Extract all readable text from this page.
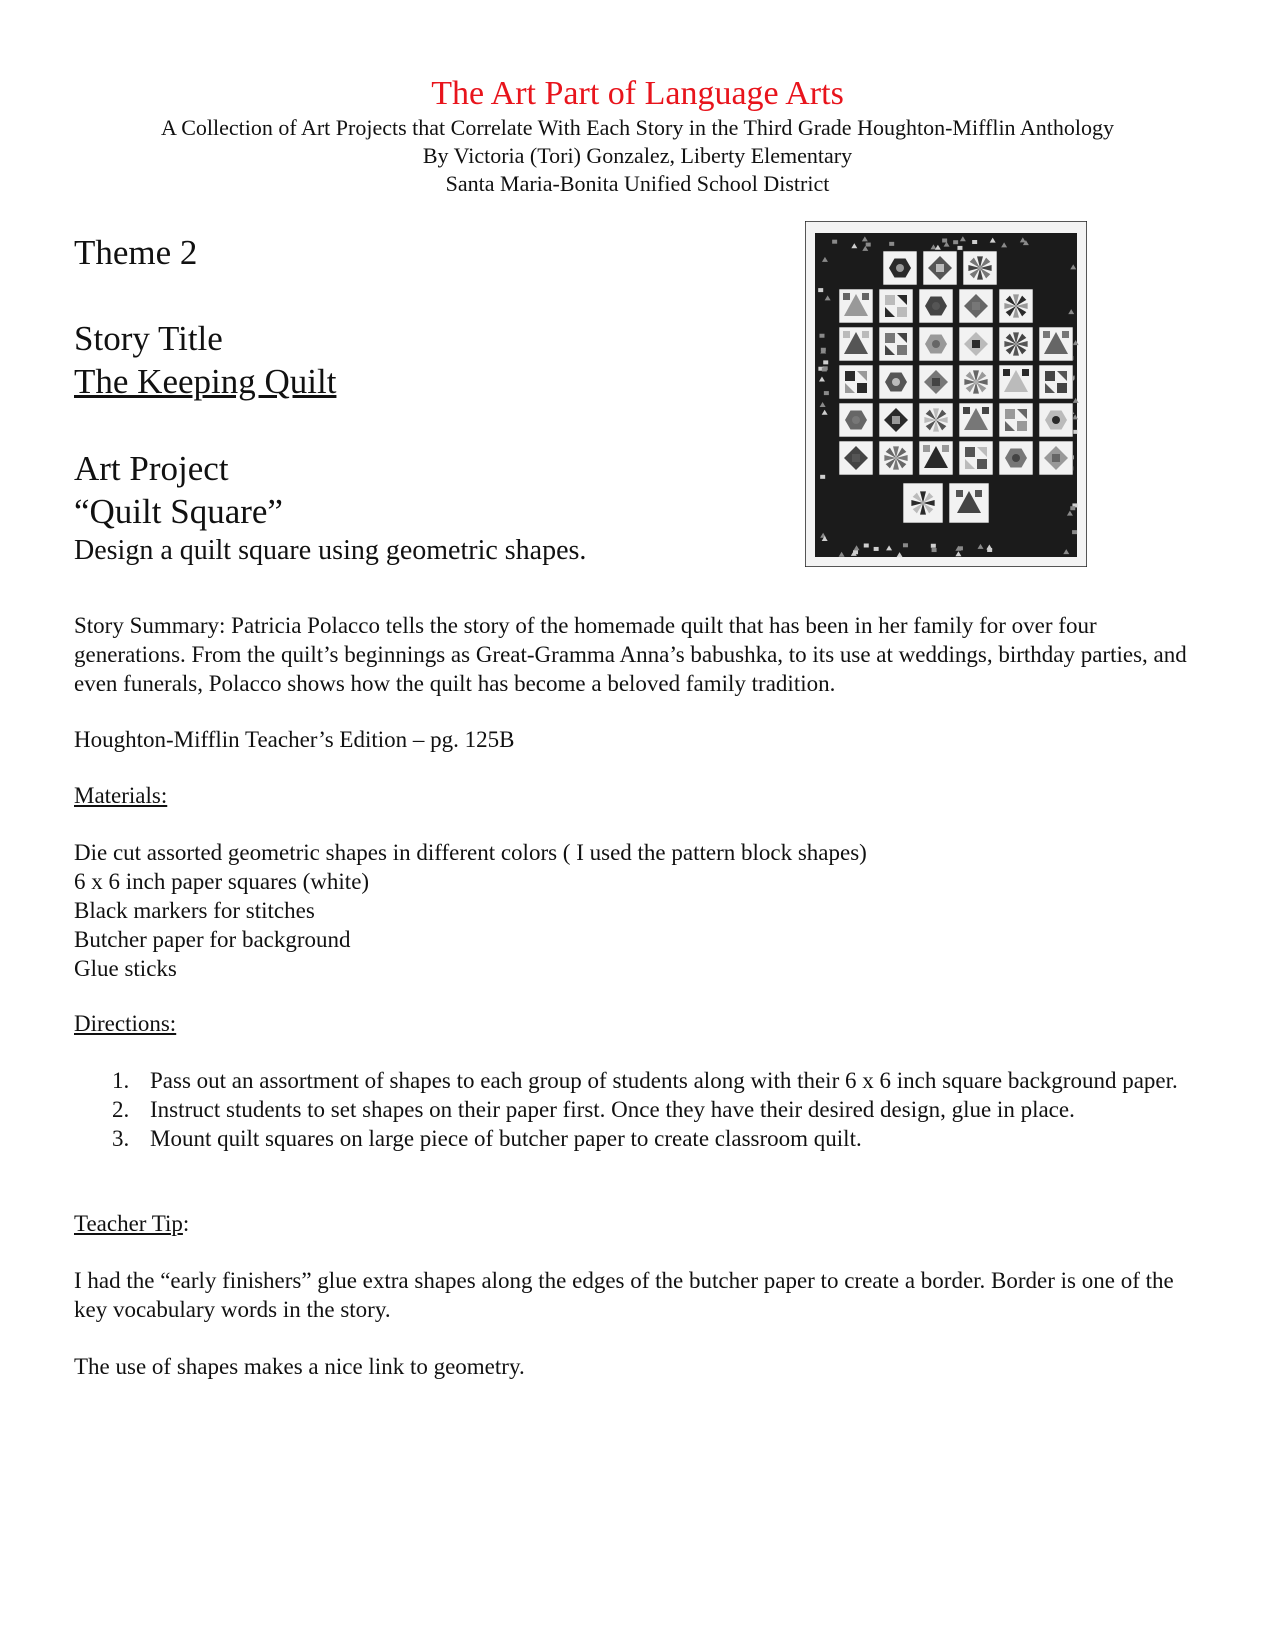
The Art Part of Language Arts
A Collection of Art Projects that Correlate With Each Story in the Third Grade Houghton-Mifflin Anthology
By Victoria (Tori) Gonzalez, Liberty Elementary
Santa Maria-Bonita Unified School District
Theme 2
Story Title
The Keeping Quilt
Art Project
“Quilt Square”
Design a quilt square using geometric shapes.
Story Summary: Patricia Polacco tells the story of the homemade quilt that has been in her family for over four generations. From the quilt’s beginnings as Great-Gramma Anna’s babushka, to its use at weddings, birthday parties, and even funerals, Polacco shows how the quilt has become a beloved family tradition.
Houghton-Mifflin Teacher’s Edition – pg. 125B
Materials:
Die cut assorted geometric shapes in different colors ( I used the pattern block shapes)
6 x 6 inch paper squares (white)
Black markers for stitches
Butcher paper for background
Glue sticks
Directions:
1. Pass out an assortment of shapes to each group of students along with their 6 x 6 inch square background paper.
2. Instruct students to set shapes on their paper first. Once they have their desired design, glue in place.
3. Mount quilt squares on large piece of butcher paper to create classroom quilt.
Teacher Tip:
I had the “early finishers” glue extra shapes along the edges of the butcher paper to create a border. Border is one of the key vocabulary words in the story.
The use of shapes makes a nice link to geometry.
